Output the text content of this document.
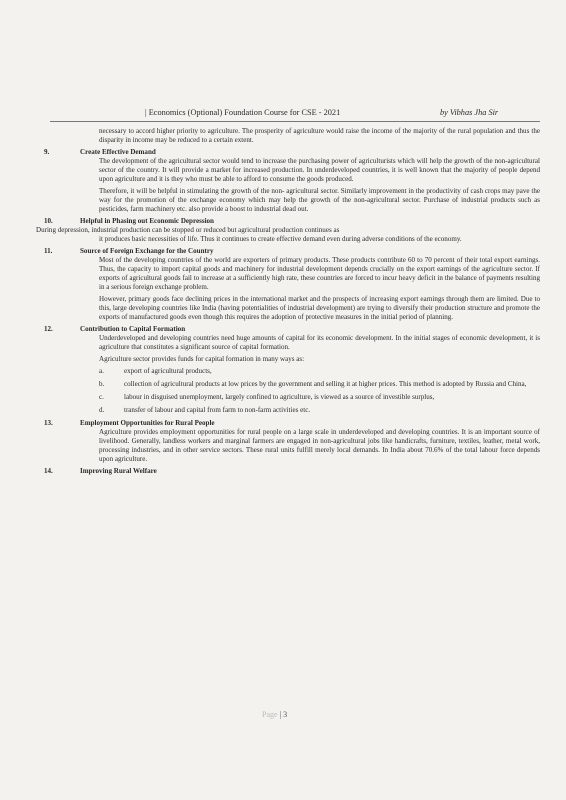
| Economics (Optional) Foundation Course for CSE - 2021	by Vibhas Jha Sir
necessary to accord higher priority to agriculture. The prosperity of agriculture would raise the income of the majority of the rural population and thus the disparity in income may be reduced to a certain extent.
9.	Create Effective Demand
The development of the agricultural sector would tend to increase the purchasing power of agriculturists which will help the growth of the non-agricultural sector of the country. It will provide a market for increased production. In underdeveloped countries, it is well known that the majority of people depend upon agriculture and it is they who must be able to afford to consume the goods produced.
Therefore, it will be helpful in stimulating the growth of the non- agricultural sector. Similarly improvement in the productivity of cash crops may pave the way for the promotion of the exchange economy which may help the growth of the non-agricultural sector. Purchase of industrial products such as pesticides, farm machinery etc. also provide a boost to industrial dead out.
10.	Helpful in Phasing out Economic Depression
During depression, industrial production can be stopped or reduced but agricultural production continues as
it produces basic necessities of life. Thus it continues to create effective demand even during adverse conditions of the economy.
11.	Source of Foreign Exchange for the Country
Most of the developing countries of the world are exporters of primary products. These products contribute 60 to 70 percent of their total export earnings. Thus, the capacity to import capital goods and machinery for industrial development depends crucially on the export earnings of the agriculture sector. If exports of agricultural goods fail to increase at a sufficiently high rate, these countries are forced to incur heavy deficit in the balance of payments resulting in a serious foreign exchange problem.
However, primary goods face declining prices in the international market and the prospects of increasing export earnings through them are limited. Due to this, large developing countries like India (having potentialities of industrial development) are trying to diversify their production structure and promote the exports of manufactured goods even though this requires the adoption of protective measures in the initial period of planning.
12.	Contribution to Capital Formation
Underdeveloped and developing countries need huge amounts of capital for its economic development. In the initial stages of economic development, it is agriculture that constitutes a significant source of capital formation.
Agriculture sector provides funds for capital formation in many ways as:
a.	export of agricultural products,
b.	collection of agricultural products at low prices by the government and selling it at higher prices. This method is adopted by Russia and China,
c.	labour in disguised unemployment, largely confined to agriculture, is viewed as a source of investible surplus,
d.	transfer of labour and capital from farm to non-farm activities etc.
13.	Employment Opportunities for Rural People
Agriculture provides employment opportunities for rural people on a large scale in underdeveloped and developing countries. It is an important source of livelihood. Generally, landless workers and marginal farmers are engaged in non-agricultural jobs like handicrafts, furniture, textiles, leather, metal work, processing industries, and in other service sectors. These rural units fulfill merely local demands. In India about 70.6% of the total labour force depends upon agriculture.
14.	Improving Rural Welfare
Page | 3
